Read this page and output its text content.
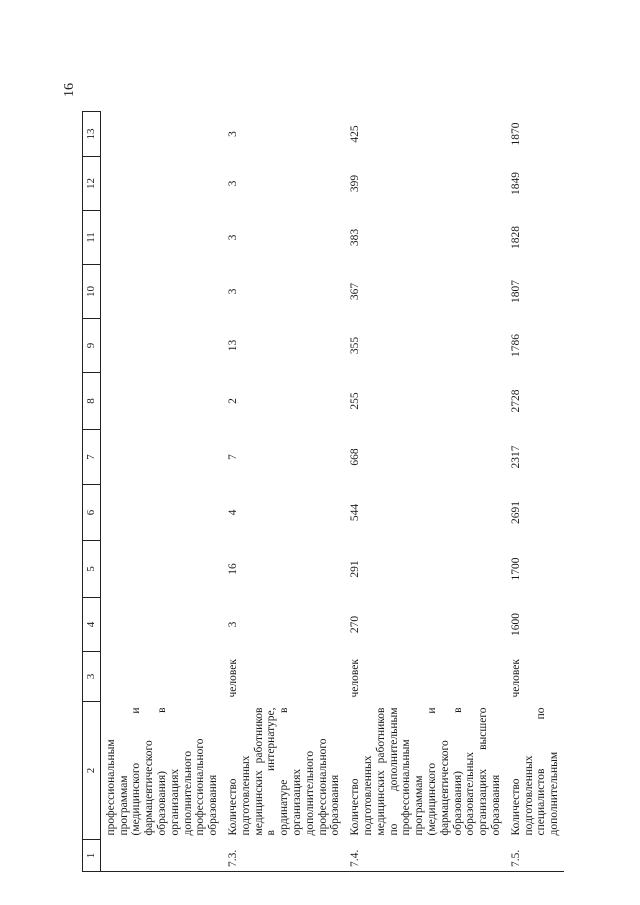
16
1	2	3	4	5	6	7	8	9	10	11	12	13
	профессиональным программам (медицинского и фармацевтического образования) в организациях дополнительного профессионального образования											
7.3.	Количество подготовленных медицинских работников в интернатуре, ординатуре в организациях дополнительного профессионального образования	человек	3	16	4	7	2	13	3	3	3	3
7.4.	Количество подготовленных медицинских работников по дополнительным профессиональным программам (медицинского и фармацевтического образования) в образовательных организациях высшего образования	человек	270	291	544	668	255	355	367	383	399	425
7.5.	Количество подготовленных специалистов по дополнительным	человек	1600	1700	2691	2317	2728	1786	1807	1828	1849	1870
